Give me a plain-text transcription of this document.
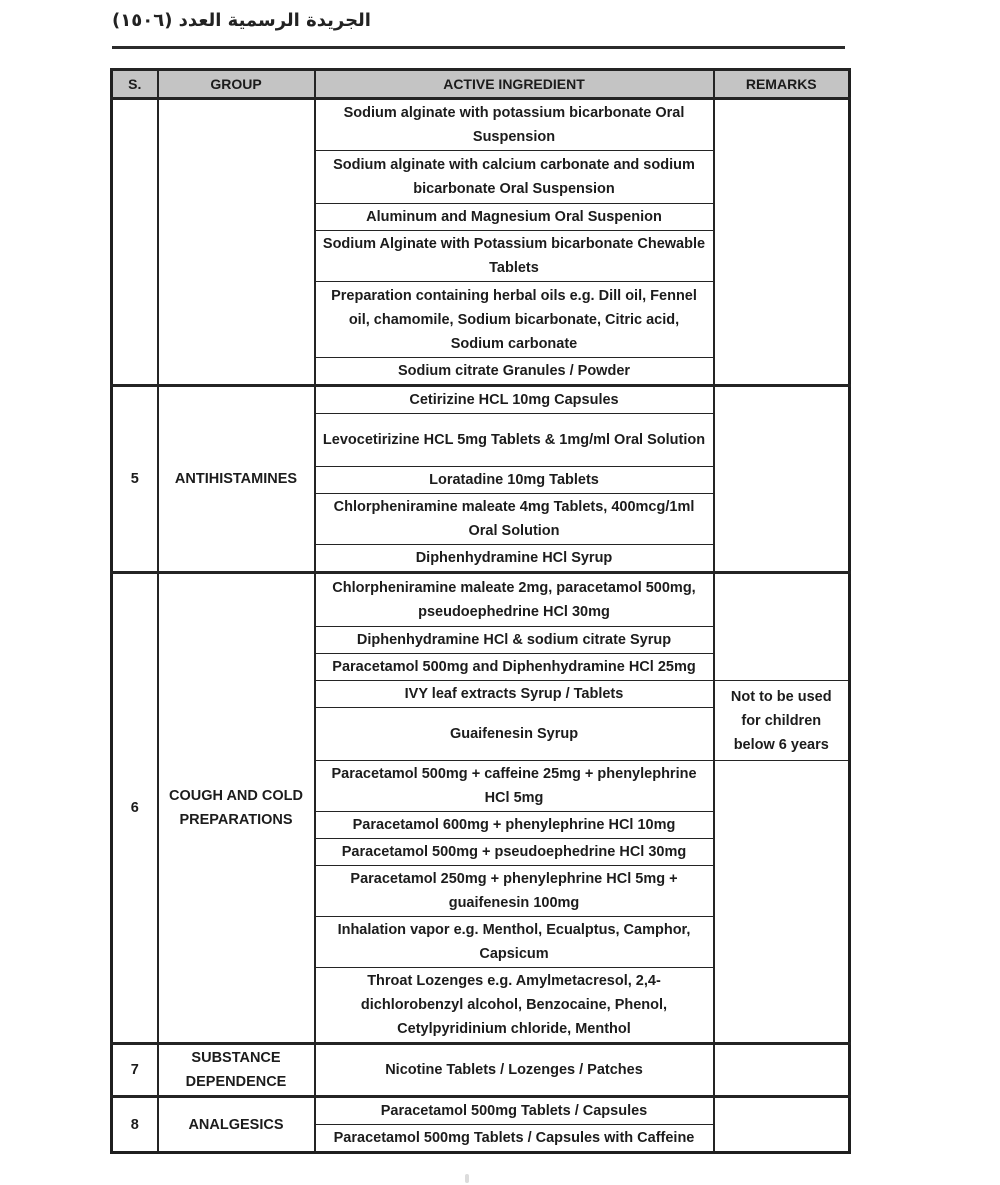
الجريدة الرسمية العدد (١٥٠٦)
S.	GROUP	ACTIVE INGREDIENT	REMARKS
		Sodium alginate with potassium bicarbonate Oral Suspension	
		Sodium alginate with calcium carbonate and sodium bicarbonate Oral Suspension	
		Aluminum and Magnesium Oral Suspenion	
		Sodium Alginate with Potassium bicarbonate Chewable Tablets	
		Preparation containing herbal oils e.g. Dill oil, Fennel oil, chamomile, Sodium bicarbonate, Citric acid, Sodium carbonate	
		Sodium citrate Granules / Powder	
5	ANTIHISTAMINES	Cetirizine HCL 10mg Capsules	
		Levocetirizine HCL 5mg Tablets & 1mg/ml Oral Solution	
		Loratadine 10mg Tablets	
		Chlorpheniramine maleate 4mg Tablets, 400mcg/1ml Oral Solution	
		Diphenhydramine HCl Syrup	
6	COUGH AND COLD PREPARATIONS	Chlorpheniramine maleate 2mg, paracetamol 500mg, pseudoephedrine HCl 30mg	
		Diphenhydramine HCl & sodium citrate Syrup	
		Paracetamol 500mg and Diphenhydramine HCl 25mg	
		IVY leaf extracts Syrup / Tablets	Not to be used for children below 6 years
		Guaifenesin Syrup	
		Paracetamol 500mg + caffeine 25mg + phenylephrine HCl 5mg	
		Paracetamol 600mg + phenylephrine HCl 10mg	
		Paracetamol 500mg + pseudoephedrine HCl 30mg	
		Paracetamol 250mg + phenylephrine HCl 5mg + guaifenesin 100mg	
		Inhalation vapor e.g. Menthol, Ecualptus, Camphor, Capsicum	
		Throat Lozenges e.g. Amylmetacresol, 2,4-dichlorobenzyl alcohol, Benzocaine, Phenol, Cetylpyridinium chloride, Menthol	
7	SUBSTANCE DEPENDENCE	Nicotine Tablets / Lozenges / Patches	
8	ANALGESICS	Paracetamol 500mg Tablets / Capsules	
		Paracetamol 500mg Tablets / Capsules with Caffeine	
